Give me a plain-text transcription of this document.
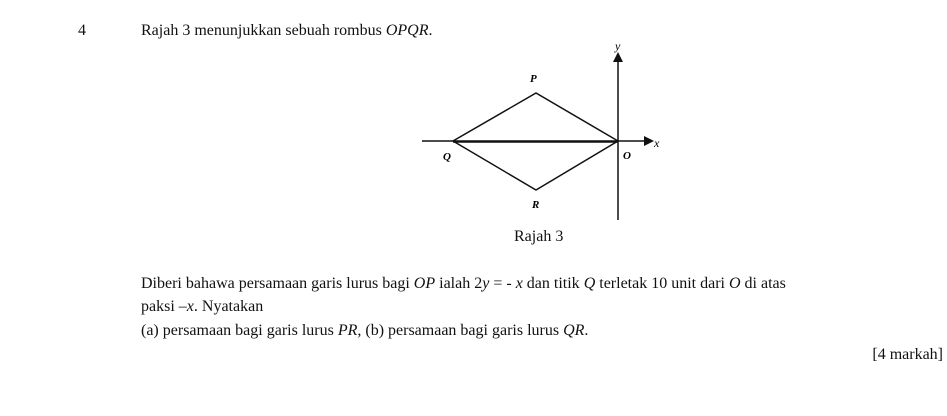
4	Rajah 3 menunjukkan sebuah rombus OPQR.
P
Q
R
O
x
y
Rajah 3
Diberi bahawa persamaan garis lurus bagi OP ialah 2y = - x dan titik Q terletak 10 unit dari O di atas
paksi –x. Nyatakan
(a) persamaan bagi garis lurus PR, (b) persamaan bagi garis lurus QR.
[4 markah]
